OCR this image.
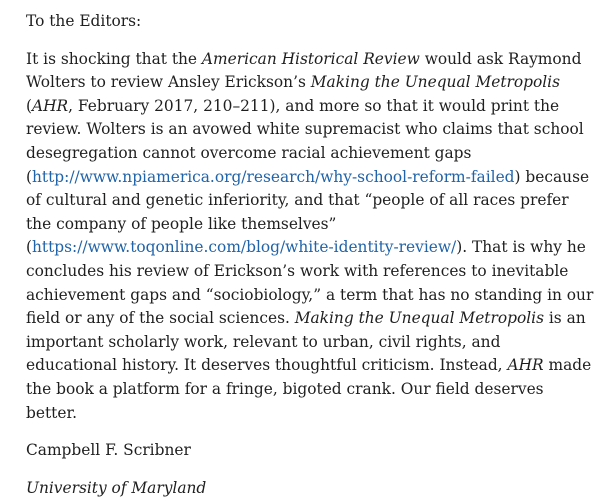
To the Editors:

It is shocking that the American Historical Review would ask Raymond Wolters to review Ansley Erickson’s Making the Unequal Metropolis (AHR, February 2017, 210–211), and more so that it would print the review. Wolters is an avowed white supremacist who claims that school desegregation cannot overcome racial achievement gaps (http://www.npiamerica.org/research/why-school-reform-failed) because of cultural and genetic inferiority, and that “people of all races prefer the company of people like themselves” (https://www.toqonline.com/blog/white-identity-review/). That is why he concludes his review of Erickson’s work with references to inevitable achievement gaps and “sociobiology,” a term that has no standing in our field or any of the social sciences. Making the Unequal Metropolis is an important scholarly work, relevant to urban, civil rights, and educational history. It deserves thoughtful criticism. Instead, AHR made the book a platform for a fringe, bigoted crank. Our field deserves better.

Campbell F. Scribner

University of Maryland
